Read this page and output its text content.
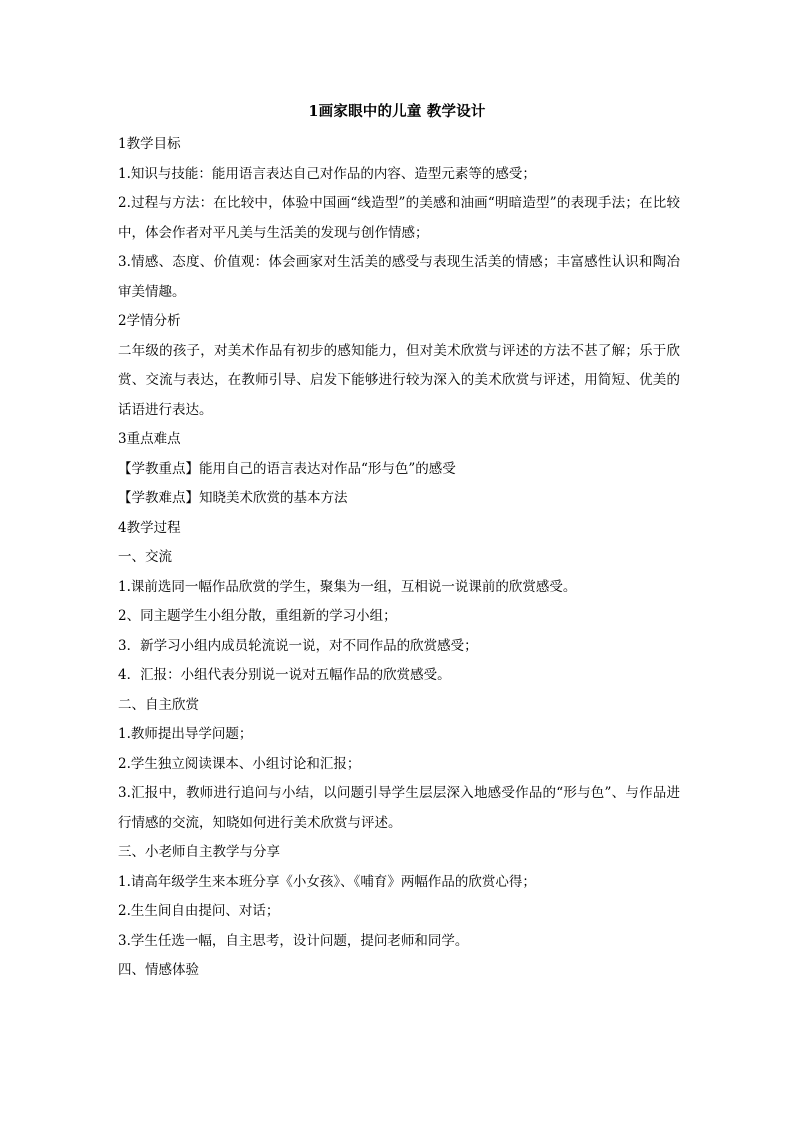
1画家眼中的儿童 教学设计

1教学目标

1.知识与技能：能用语言表达自己对作品的内容、造型元素等的感受；

2.过程与方法：在比较中，体验中国画“线造型”的美感和油画“明暗造型”的表现手法；在比较中，体会作者对平凡美与生活美的发现与创作情感；

3.情感、态度、价值观：体会画家对生活美的感受与表现生活美的情感；丰富感性认识和陶冶审美情趣。

2学情分析

二年级的孩子，对美术作品有初步的感知能力，但对美术欣赏与评述的方法不甚了解；乐于欣赏、交流与表达，在教师引导、启发下能够进行较为深入的美术欣赏与评述，用简短、优美的话语进行表达。

3重点难点

【学教重点】能用自己的语言表达对作品“形与色”的感受

【学教难点】知晓美术欣赏的基本方法

4教学过程

一、交流

1.课前选同一幅作品欣赏的学生，聚集为一组，互相说一说课前的欣赏感受。

2、同主题学生小组分散，重组新的学习小组；

3．新学习小组内成员轮流说一说，对不同作品的欣赏感受；

4．汇报：小组代表分别说一说对五幅作品的欣赏感受。

二、自主欣赏

1.教师提出导学问题；

2.学生独立阅读课本、小组讨论和汇报；

3.汇报中，教师进行追问与小结，以问题引导学生层层深入地感受作品的“形与色”、与作品进行情感的交流，知晓如何进行美术欣赏与评述。

三、小老师自主教学与分享

1.请高年级学生来本班分享《小女孩》、《哺育》两幅作品的欣赏心得；

2.生生间自由提问、对话；

3.学生任选一幅，自主思考，设计问题，提问老师和同学。

四、情感体验
